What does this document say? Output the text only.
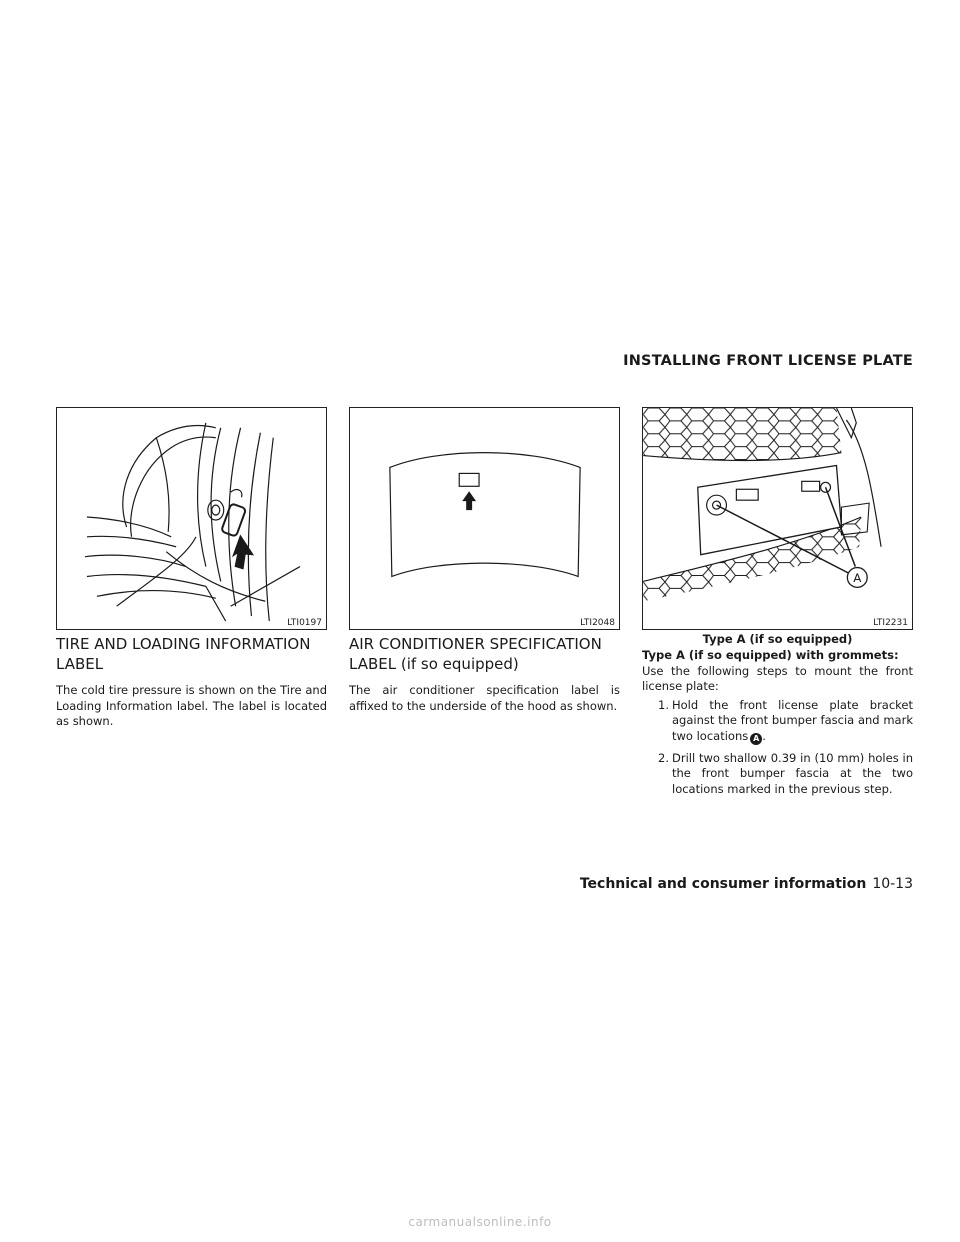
INSTALLING FRONT LICENSE PLATE
LTI0197	LTI2048
A
LTI2231
Type A (if so equipped)
TIRE AND LOADING INFORMATION LABEL
The cold tire pressure is shown on the Tire and Loading Information label. The label is located as shown.
AIR CONDITIONER SPECIFICATION LABEL (if so equipped)
The air conditioner specification label is affixed to the underside of the hood as shown.
Type A (if so equipped) with grommets:
Use the following steps to mount the front license plate:
1. Hold the front license plate bracket against the front bumper fascia and mark two locations A .
2. Drill two shallow 0.39 in (10 mm) holes in the front bumper fascia at the two locations marked in the previous step.
Technical and consumer information 10-13
carmanualsonline.info
